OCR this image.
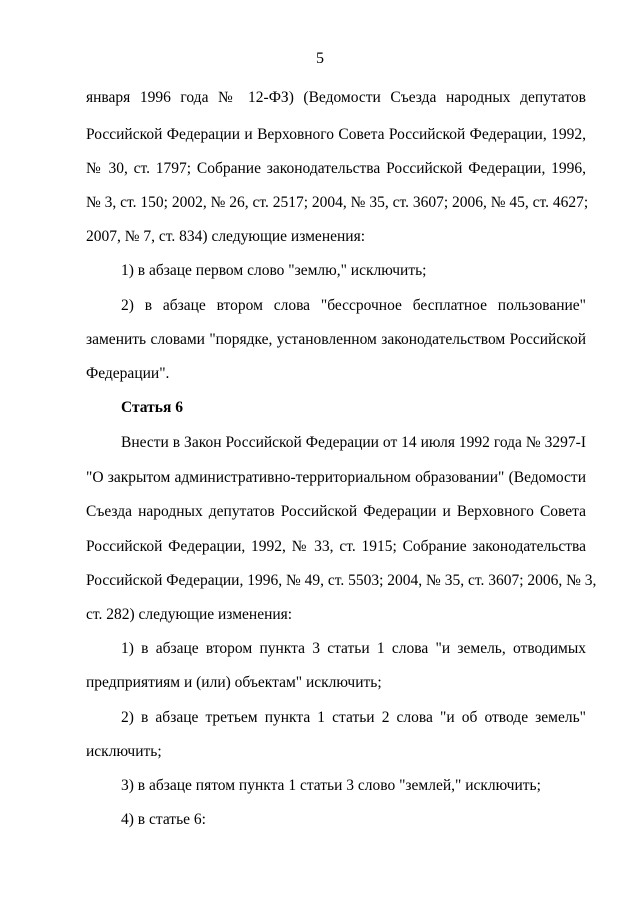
5
января 1996 года № 12-ФЗ) (Ведомости Съезда народных депутатов
Российской Федерации и Верховного Совета Российской Федерации, 1992,
№ 30, ст. 1797; Собрание законодательства Российской Федерации, 1996,
№ 3, ст. 150; 2002, № 26, ст. 2517; 2004, № 35, ст. 3607; 2006, № 45, ст. 4627;
2007, № 7, ст. 834) следующие изменения:
1) в абзаце первом слово "землю," исключить;
2) в абзаце втором слова "бессрочное бесплатное пользование"
заменить словами "порядке, установленном законодательством Российской
Федерации".
Статья 6
Внести в Закон Российской Федерации от 14 июля 1992 года № 3297-I
"О закрытом административно-территориальном образовании" (Ведомости
Съезда народных депутатов Российской Федерации и Верховного Совета
Российской Федерации, 1992, № 33, ст. 1915; Собрание законодательства
Российской Федерации, 1996, № 49, ст. 5503; 2004, № 35, ст. 3607; 2006, № 3,
ст. 282) следующие изменения:
1) в абзаце втором пункта 3 статьи 1 слова "и земель, отводимых
предприятиям и (или) объектам" исключить;
2) в абзаце третьем пункта 1 статьи 2 слова "и об отводе земель"
исключить;
3) в абзаце пятом пункта 1 статьи 3 слово "землей," исключить;
4) в статье 6:
